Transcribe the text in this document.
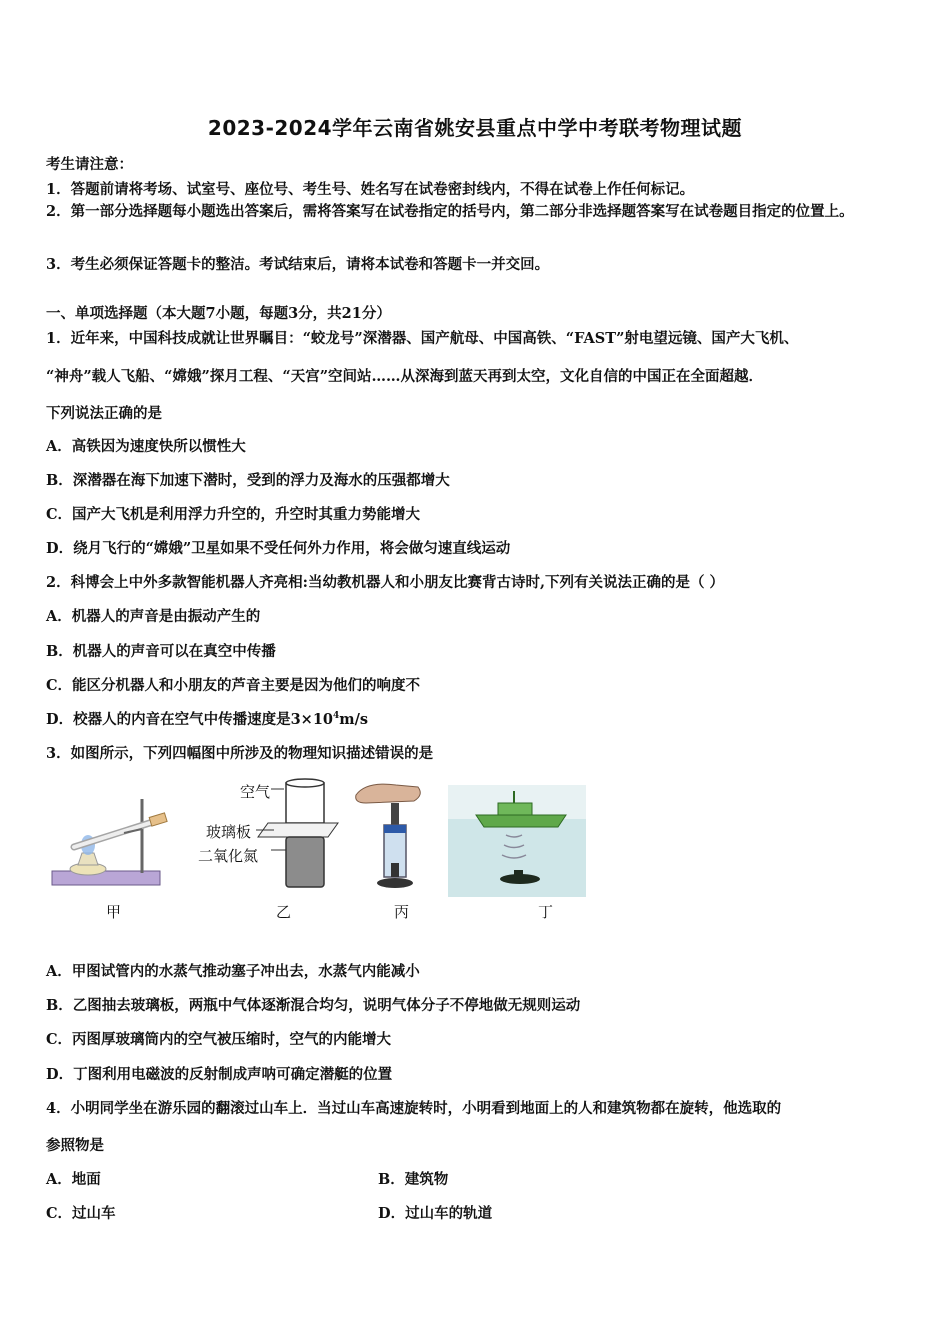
2023-2024学年云南省姚安县重点中学中考联考物理试题
考生请注意：
1．答题前请将考场、试室号、座位号、考生号、姓名写在试卷密封线内，不得在试卷上作任何标记。
2．第一部分选择题每小题选出答案后，需将答案写在试卷指定的括号内，第二部分非选择题答案写在试卷题目指定的位置上。
3．考生必须保证答题卡的整洁。考试结束后，请将本试卷和答题卡一并交回。
一、单项选择题（本大题7小题，每题3分，共21分）
1．近年来，中国科技成就让世界瞩目：“蛟龙号”深潜器、国产航母、中国高铁、“FAST”射电望远镜、国产大飞机、
“神舟”载人飞船、“嫦娥”探月工程、“天宫”空间站……从深海到蓝天再到太空，文化自信的中国正在全面超越．
下列说法正确的是
A．高铁因为速度快所以惯性大
B．深潜器在海下加速下潜时，受到的浮力及海水的压强都增大
C．国产大飞机是利用浮力升空的，升空时其重力势能增大
D．绕月飞行的“嫦娥”卫星如果不受任何外力作用，将会做匀速直线运动
2．科博会上中外多款智能机器人齐亮相:当幼教机器人和小朋友比赛背古诗时,下列有关说法正确的是（ ）
A．机器人的声音是由振动产生的
B．机器人的声音可以在真空中传播
C．能区分机器人和小朋友的芦音主要是因为他们的响度不
D．校器人的内音在空气中传播速度是$3\times 10^4m/s$
3．如图所示，下列四幅图中所涉及的物理知识描述错误的是
空气
玻璃板
二氧化氮
甲	乙	丙	丁
A．甲图试管内的水蒸气推动塞子冲出去，水蒸气内能减小
B．乙图抽去玻璃板，两瓶中气体逐渐混合均匀，说明气体分子不停地做无规则运动
C．丙图厚玻璃筒内的空气被压缩时，空气的内能增大
D．丁图利用电磁波的反射制成声呐可确定潜艇的位置
4．小明同学坐在游乐园的翻滚过山车上．当过山车高速旋转时，小明看到地面上的人和建筑物都在旋转，他选取的
参照物是
A．地面	B．建筑物
C．过山车	D．过山车的轨道
